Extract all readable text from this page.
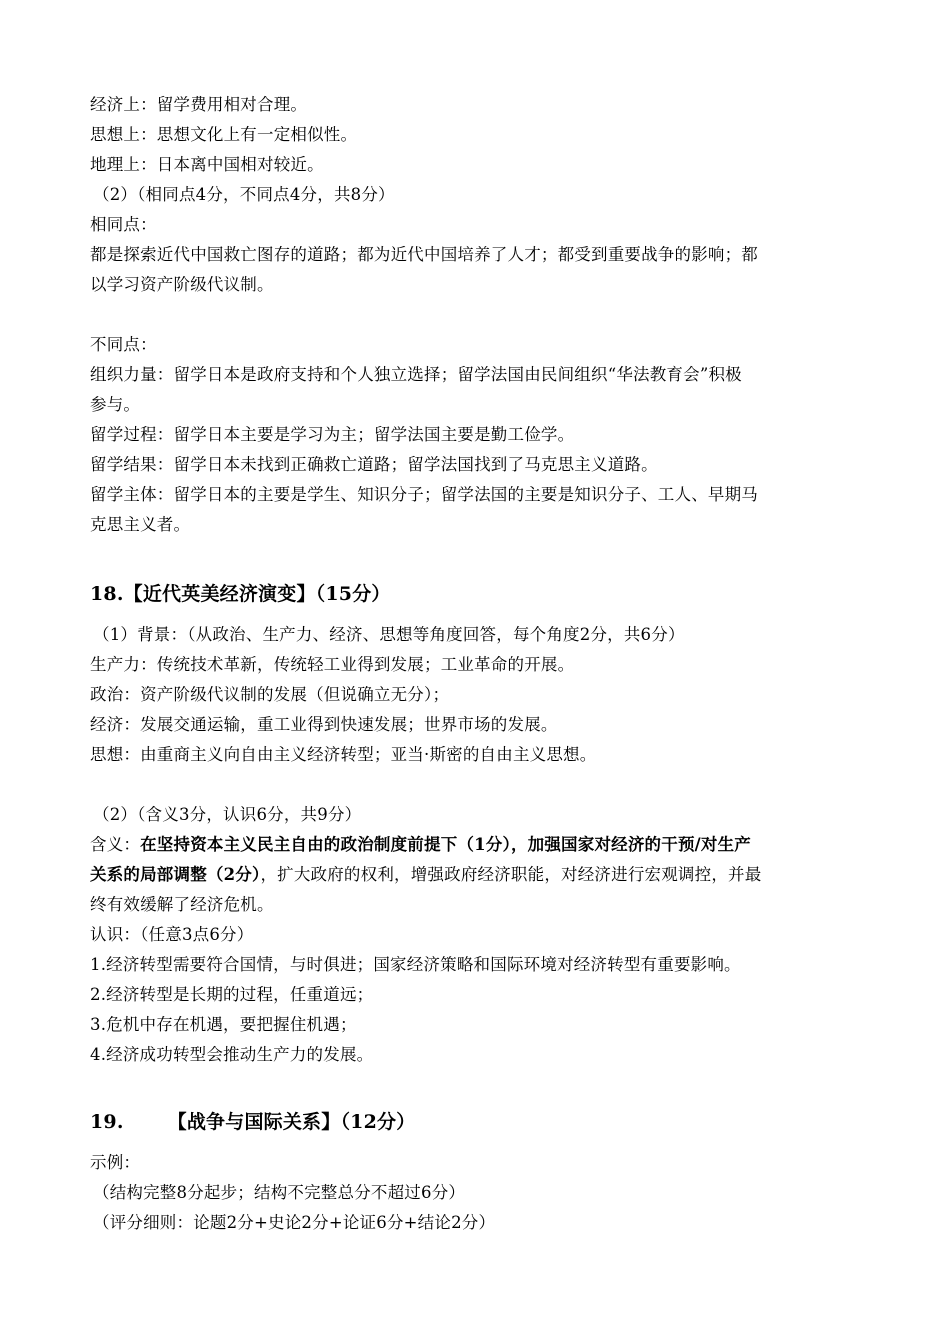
经济上：留学费用相对合理。
思想上：思想文化上有一定相似性。
地理上：日本离中国相对较近。
（2）（相同点4分，不同点4分，共8分）
相同点：
都是探索近代中国救亡图存的道路；都为近代中国培养了人才；都受到重要战争的影响；都
以学习资产阶级代议制。
不同点：
组织力量：留学日本是政府支持和个人独立选择；留学法国由民间组织“华法教育会”积极
参与。
留学过程：留学日本主要是学习为主；留学法国主要是勤工俭学。
留学结果：留学日本未找到正确救亡道路；留学法国找到了马克思主义道路。
留学主体：留学日本的主要是学生、知识分子；留学法国的主要是知识分子、工人、早期马
克思主义者。
18.【近代英美经济演变】（15分）
（1）背景：（从政治、生产力、经济、思想等角度回答，每个角度2分，共6分）
生产力：传统技术革新，传统轻工业得到发展；工业革命的开展。
政治：资产阶级代议制的发展（但说确立无分）；
经济：发展交通运输，重工业得到快速发展；世界市场的发展。
思想：由重商主义向自由主义经济转型；亚当·斯密的自由主义思想。
（2）（含义3分，认识6分，共9分）
含义：在坚持资本主义民主自由的政治制度前提下（1分），加强国家对经济的干预/对生产
关系的局部调整（2分），扩大政府的权利，增强政府经济职能，对经济进行宏观调控，并最
终有效缓解了经济危机。
认识：（任意3点6分）
1.经济转型需要符合国情，与时俱进；国家经济策略和国际环境对经济转型有重要影响。
2.经济转型是长期的过程，任重道远；
3.危机中存在机遇，要把握住机遇；
4.经济成功转型会推动生产力的发展。
19. 【战争与国际关系】（12分）
示例：
（结构完整8分起步；结构不完整总分不超过6分）
（评分细则：论题2分+史论2分+论证6分+结论2分）
